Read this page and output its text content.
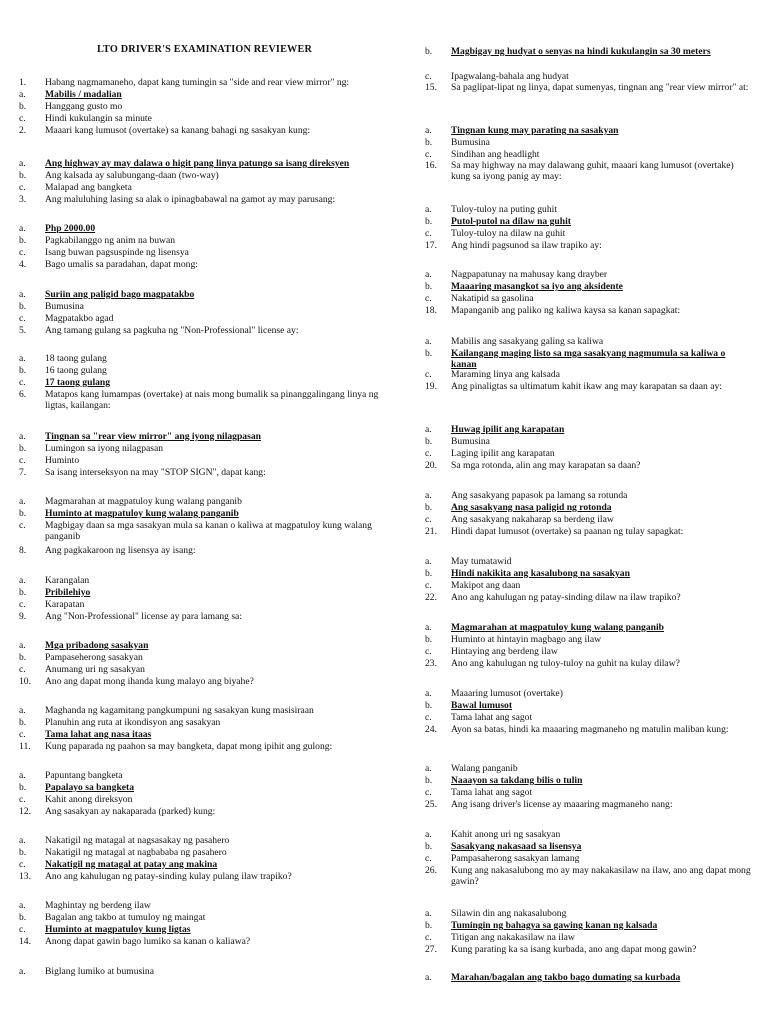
LTO DRIVER'S EXAMINATION REVIEWER
1. Habang nagmamaneho, dapat kang tumingin sa "side and rear view mirror" ng:
a. Mabilis / madalian
b. Hanggang gusto mo
c. Hindi kukulangin sa minute
2. Maaari kang lumusot (overtake) sa kanang bahagi ng sasakyan kung:
a. Ang highway ay may dalawa o higit pang linya patungo sa isang direksyen
b. Ang kalsada ay salubungang-daan (two-way)
c. Malapad ang bangketa
3. Ang maluluhing lasing sa alak o ipinagbabawal na gamot ay may parusang:
a. Php 2000.00
b. Pagkabilanggo ng anim na buwan
c. Isang buwan pagsuspinde ng lisensya
4. Bago umalis sa paradahan, dapat mong:
a. Suriin ang paligid bago magpatakbo
b. Bumusina
c. Magpatakbo agad
5. Ang tamang gulang sa pagkuha ng "Non-Professional" license ay:
a. 18 taong gulang
b. 16 taong gulang
c. 17 taong gulang
6. Matapos kang lumampas (overtake) at nais mong bumalik sa pinanggalingang linya ng ligtas, kailangan:
a. Tingnan sa "rear view mirror" ang iyong nilagpasan
b. Lumingon sa iyong nilagpasan
c. Huminto
7. Sa isang interseksyon na may "STOP SIGN", dapat kang:
a. Magmarahan at magpatuloy kung walang panganib
b. Huminto at magpatuloy kung walang panganib
c. Magbigay daan sa mga sasakyan mula sa kanan o kaliwa at magpatuloy kung walang panganib
8. Ang pagkakaroon ng lisensya ay isang:
a. Karangalan
b. Pribilehiyo
c. Karapatan
9. Ang "Non-Professional" license ay para lamang sa:
a. Mga pribadong sasakyan
b. Pampaseherong sasakyan
c. Anumang uri ng sasakyan
10. Ano ang dapat mong ihanda kung malayo ang biyahe?
a. Maghanda ng kagamitang pangkumpuni ng sasakyan kung masisiraan
b. Planuhin ang ruta at ikondisyon ang sasakyan
c. Tama lahat ang nasa itaas
11. Kung paparada ng paahon sa may bangketa, dapat mong ipihit ang gulong:
a. Papuntang bangketa
b. Papalayo sa bangketa
c. Kahit anong direksyon
12. Ang sasakyan ay nakaparada (parked) kung:
a. Nakatigil ng matagal at nagsasakay ng pasahero
b. Nakatigil ng matagal at nagbababa ng pasahero
c. Nakatigil ng matagal at patay ang makina
13. Ano ang kahulugan ng patay-sinding kulay pulang ilaw trapiko?
a. Maghintay ng berdeng ilaw
b. Bagalan ang takbo at tumuloy ng maingat
c. Huminto at magpatuloy kung ligtas
14. Anong dapat gawin bago lumiko sa kanan o kaliawa?
a. Biglang lumiko at bumusina
b. Magbigay ng hudyat o senyas na hindi kukulangin sa 30 meters
c. Ipagwalang-bahala ang hudyat
15. Sa paglipat-lipat ng linya, dapat sumenyas, tingnan ang "rear view mirror" at:
a. Tingnan kung may parating na sasakyan
b. Bumusina
c. Sindihan ang headlight
16. Sa may highway na may dalawang guhit, maaari kang lumusot (overtake) kung sa iyong panig ay may:
a. Tuloy-tuloy na puting guhit
b. Putol-putol na dilaw na guhit
c. Tuloy-tuloy na dilaw na guhit
17. Ang hindi pagsunod sa ilaw trapiko ay:
a. Nagpapatunay na mahusay kang drayber
b. Maaaring masangkot sa iyo ang aksidente
c. Nakatipid sa gasolina
18. Mapanganib ang paliko ng kaliwa kaysa sa kanan sapagkat:
a. Mabilis ang sasakyang galing sa kaliwa
b. Kailangang maging listo sa mga sasakyang nagmumula sa kaliwa o kanan
c. Maraming linya ang kalsada
19. Ang pinaligtas sa ultimatum kahit ikaw ang may karapatan sa daan ay:
a. Huwag ipilit ang karapatan
b. Bumusina
c. Laging ipilit ang karapatan
20. Sa mga rotonda, alin ang may karapatan sa daan?
a. Ang sasakyang papasok pa lamang sa rotunda
b. Ang sasakyang nasa paligid ng rotonda
c. Ang sasakyang nakaharap sa berdeng ilaw
21. Hindi dapat lumusot (overtake) sa paanan ng tulay sapagkat:
a. May tumatawid
b. Hindi nakikita ang kasalubong na sasakyan
c. Makipot ang daan
22. Ano ang kahulugan ng patay-sinding dilaw na ilaw trapiko?
a. Magmarahan at magpatuloy kung walang panganib
b. Huminto at hintayin magbago ang ilaw
c. Hintaying ang berdeng ilaw
23. Ano ang kahulugan ng tuloy-tuloy na guhit na kulay dilaw?
a. Maaaring lumusot (overtake)
b. Bawal lumusot
c. Tama lahat ang sagot
24. Ayon sa batas, hindi ka maaaring magmaneho ng matulin maliban kung:
a. Walang panganib
b. Naaayon sa takdang bilis o tulin
c. Tama lahat ang sagot
25. Ang isang driver's license ay maaaring magmaneho nang:
a. Kahit anong uri ng sasakyan
b. Sasakyang nakasaad sa lisensya
c. Pampasaherong sasakyan lamang
26. Kung ang nakasalubong mo ay may nakakasilaw na ilaw, ano ang dapat mong gawin?
a. Silawin din ang nakasalubong
b. Tumingin ng bahagya sa gawing kanan ng kalsada
c. Titigan ang nakakasilaw na ilaw
27. Kung parating ka sa isang kurbada, ano ang dapat mong gawin?
a. Marahan/bagalan ang takbo bago dumating sa kurbada
